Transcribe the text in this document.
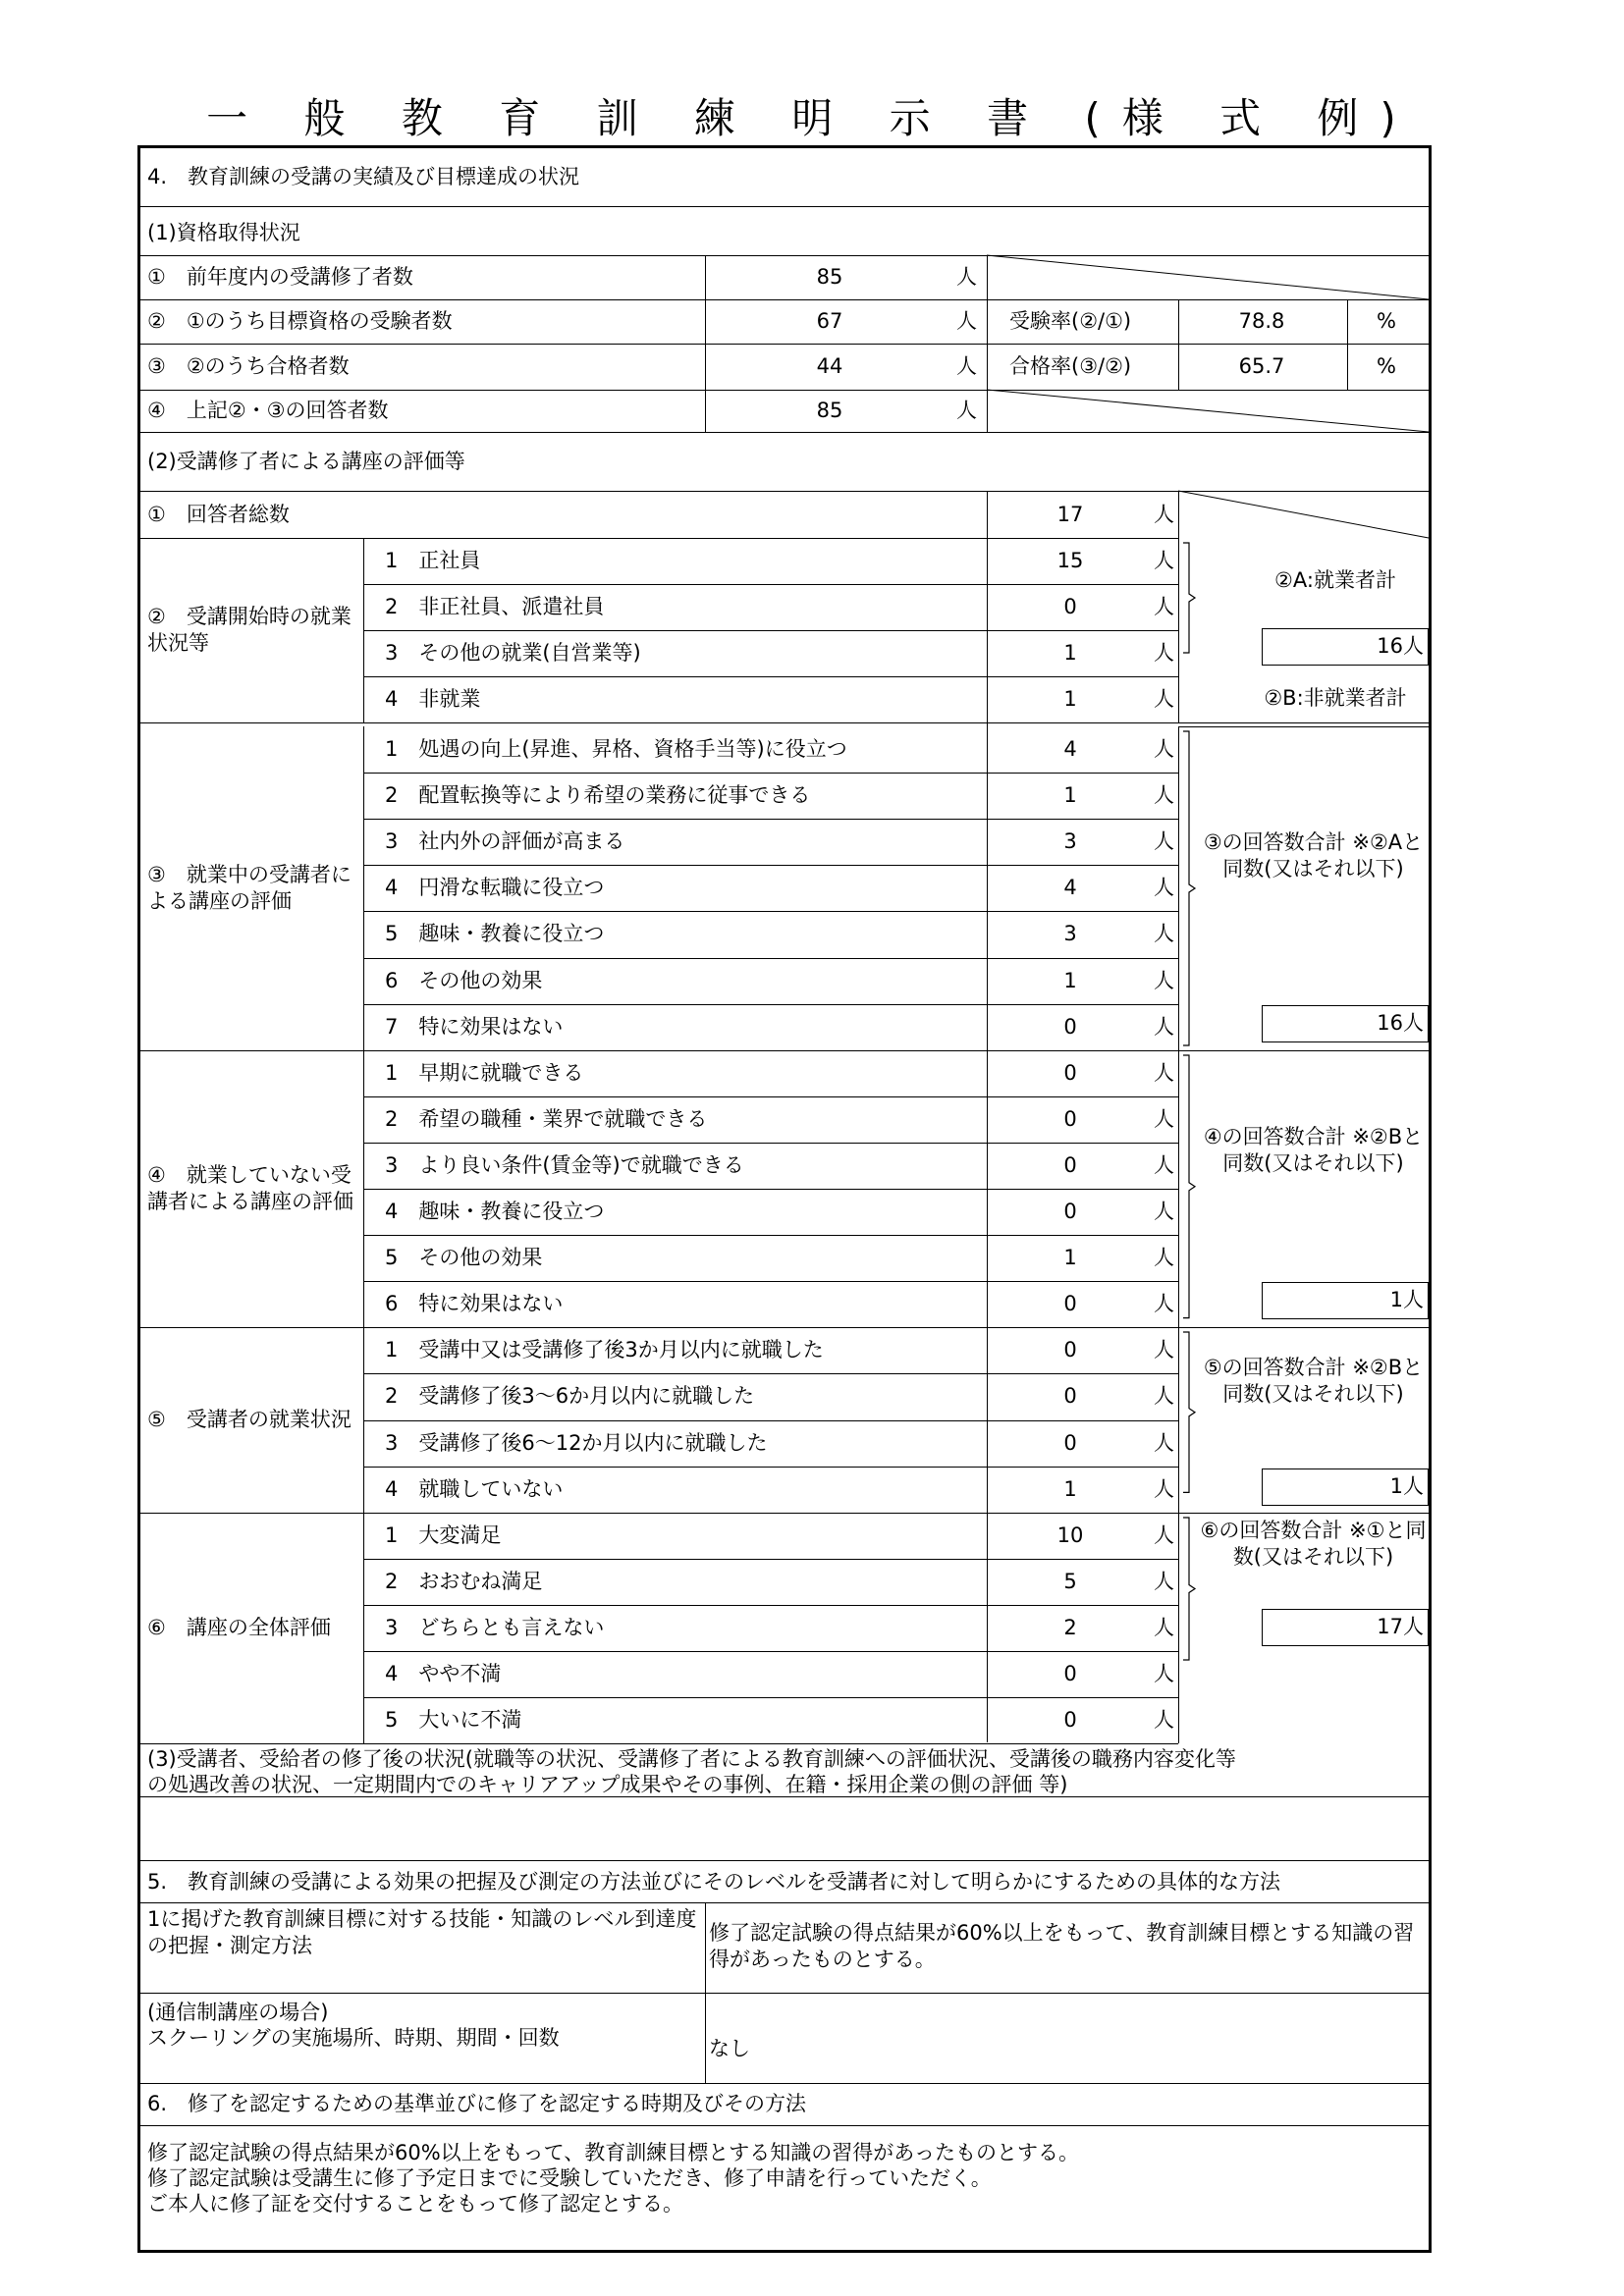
一 般 教 育 訓 練 明 示 書 (様 式 例)
4.　教育訓練の受講の実績及び目標達成の状況
(1)資格取得状況
①　前年度内の受講修了者数	85	人
②　①のうち目標資格の受験者数	67	人 受験率(②/①)	78.8	%
③　②のうち合格者数	44	人 合格率(③/②)	65.7	%
④　上記②・③の回答者数	85	人
(2)受講修了者による講座の評価等
①　回答者総数	17	人
②　受講開始時の就業状況等
1　正社員	15	人
2　非正社員、派遣社員	0	人
3　その他の就業(自営業等)	1	人
4　非就業	1	人
②A:就業者計
16人
②B:非就業者計
③　就業中の受講者による講座の評価
1　処遇の向上(昇進、昇格、資格手当等)に役立つ	4	人
2　配置転換等により希望の業務に従事できる	1	人
3　社内外の評価が高まる	3	人
4　円滑な転職に役立つ	4	人
5　趣味・教養に役立つ	3	人
6　その他の効果	1	人
7　特に効果はない	0	人
③の回答数合計 ※②Aと同数(又はそれ以下)
16人
④　就業していない受講者による講座の評価
1　早期に就職できる	0	人
2　希望の職種・業界で就職できる	0	人
3　より良い条件(賃金等)で就職できる	0	人
4　趣味・教養に役立つ	0	人
5　その他の効果	1	人
6　特に効果はない	0	人
④の回答数合計 ※②Bと同数(又はそれ以下)
1人
⑤　受講者の就業状況
1　受講中又は受講修了後3か月以内に就職した	0	人
2　受講修了後3～6か月以内に就職した	0	人
3　受講修了後6～12か月以内に就職した	0	人
4　就職していない	1	人
⑤の回答数合計 ※②Bと同数(又はそれ以下)
1人
⑥　講座の全体評価
1　大変満足	10	人
2　おおむね満足	5	人
3　どちらとも言えない	2	人
4　やや不満	0	人
5　大いに不満	0	人
⑥の回答数合計 ※①と同数(又はそれ以下)
17人
(3)受講者、受給者の修了後の状況(就職等の状況、受講修了者による教育訓練への評価状況、受講後の職務内容変化等
の処遇改善の状況、一定期間内でのキャリアアップ成果やその事例、在籍・採用企業の側の評価 等)
5.　教育訓練の受講による効果の把握及び測定の方法並びにそのレベルを受講者に対して明らかにするための具体的な方法
1に掲げた教育訓練目標に対する技能・知識のレベル到達度の把握・測定方法
修了認定試験の得点結果が60%以上をもって、教育訓練目標とする知識の習得があったものとする。
(通信制講座の場合)
スクーリングの実施場所、時期、期間・回数	なし
6.　修了を認定するための基準並びに修了を認定する時期及びその方法
修了認定試験の得点結果が60%以上をもって、教育訓練目標とする知識の習得があったものとする。
修了認定試験は受講生に修了予定日までに受験していただき、修了申請を行っていただく。
ご本人に修了証を交付することをもって修了認定とする。
